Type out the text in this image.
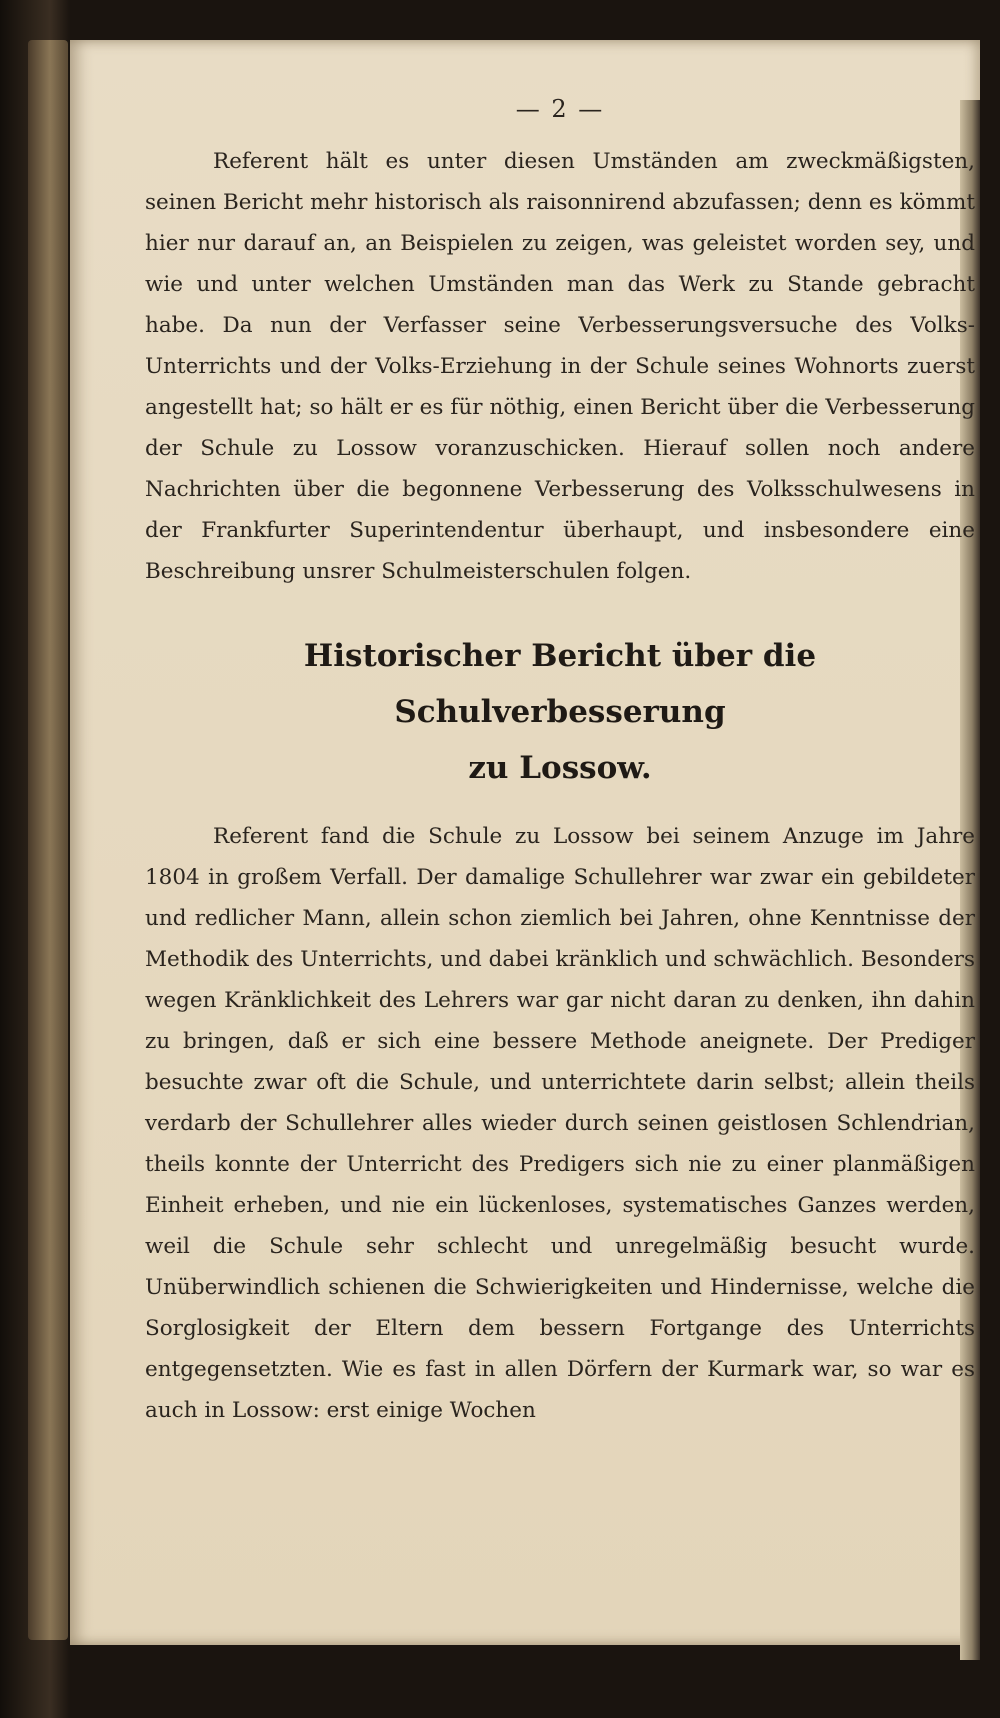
— 2 —

Referent hält es unter diesen Umständen am zweckmäßigsten, seinen Bericht mehr historisch als raisonnirend abzufassen; denn es kömmt hier nur darauf an, an Beispielen zu zeigen, was geleistet worden sey, und wie und unter welchen Umständen man das Werk zu Stande gebracht habe. Da nun der Verfasser seine Verbesserungsversuche des Volks-Unterrichts und der Volks-Erziehung in der Schule seines Wohnorts zuerst angestellt hat; so hält er es für nöthig, einen Bericht über die Verbesserung der Schule zu Lossow voranzuschicken. Hierauf sollen noch andere Nachrichten über die begonnene Verbesserung des Volksschulwesens in der Frankfurter Superintendentur überhaupt, und insbesondere eine Beschreibung unsrer Schulmeisterschulen folgen.

Historischer Bericht über die Schulverbesserung
zu Lossow.

Referent fand die Schule zu Lossow bei seinem Anzuge im Jahre 1804 in großem Verfall. Der damalige Schullehrer war zwar ein gebildeter und redlicher Mann, allein schon ziemlich bei Jahren, ohne Kenntnisse der Methodik des Unterrichts, und dabei kränklich und schwächlich. Besonders wegen Kränklichkeit des Lehrers war gar nicht daran zu denken, ihn dahin zu bringen, daß er sich eine bessere Methode aneignete. Der Prediger besuchte zwar oft die Schule, und unterrichtete darin selbst; allein theils verdarb der Schullehrer alles wieder durch seinen geistlosen Schlendrian, theils konnte der Unterricht des Predigers sich nie zu einer planmäßigen Einheit erheben, und nie ein lückenloses, systematisches Ganzes werden, weil die Schule sehr schlecht und unregelmäßig besucht wurde. Unüberwindlich schienen die Schwierigkeiten und Hindernisse, welche die Sorglosigkeit der Eltern dem bessern Fortgange des Unterrichts entgegensetzten. Wie es fast in allen Dörfern der Kurmark war, so war es auch in Lossow: erst einige Wochen
